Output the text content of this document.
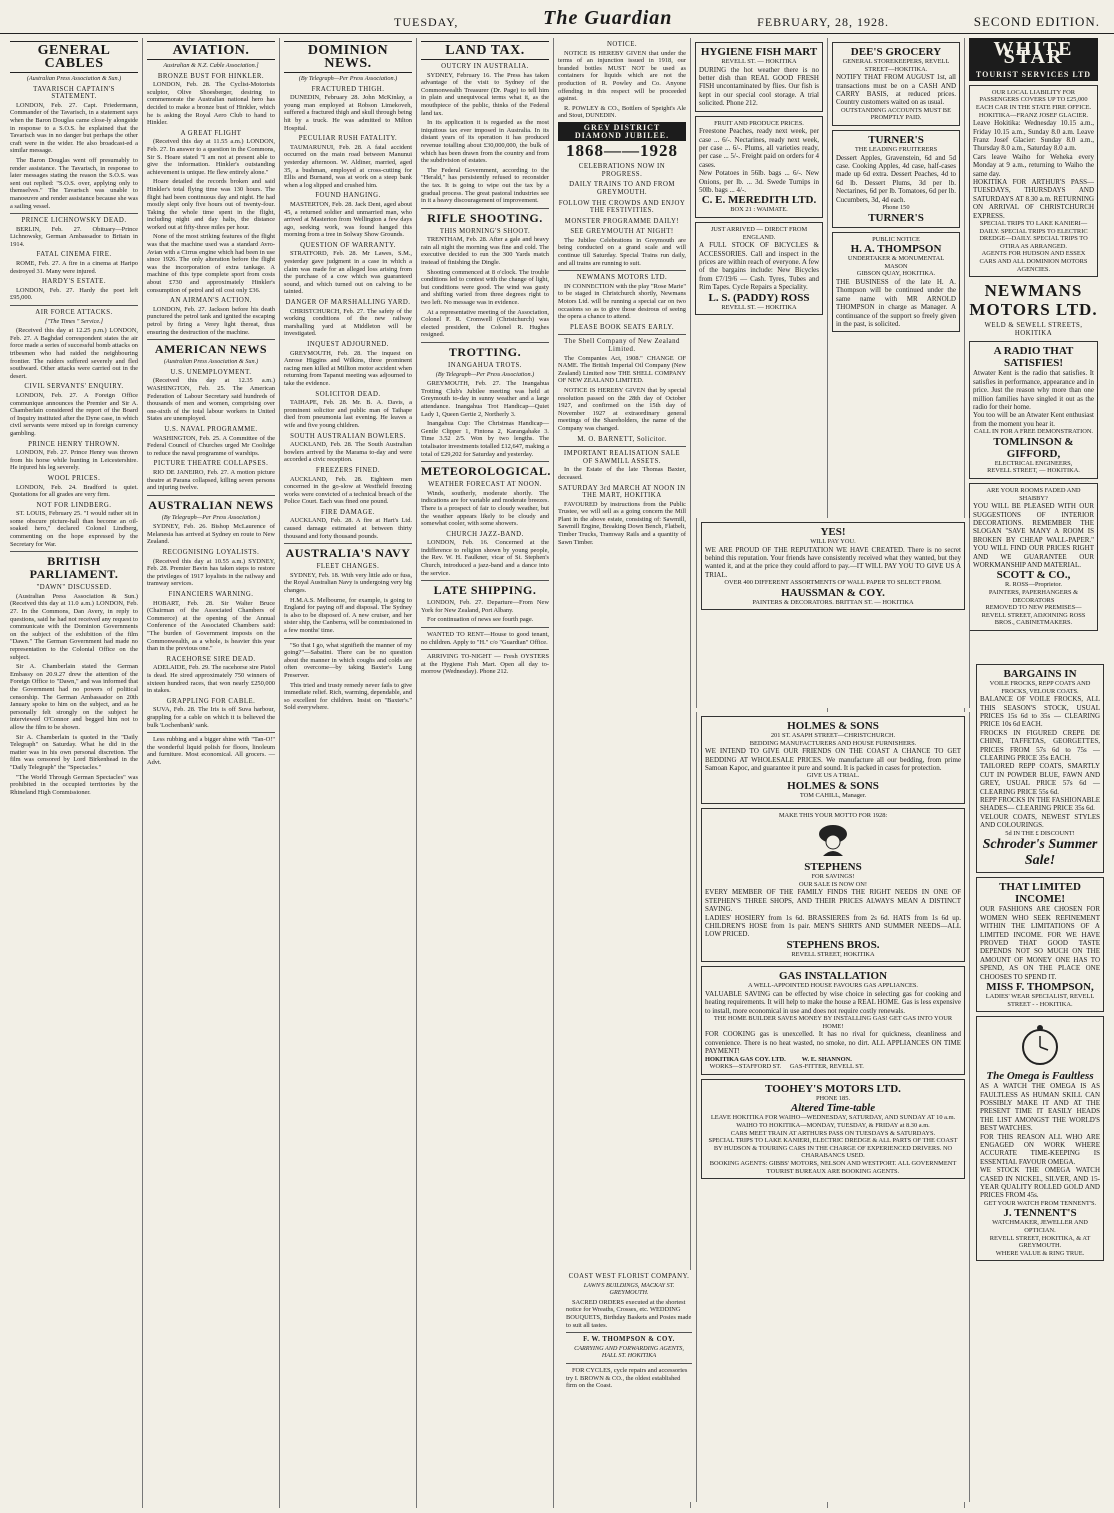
TUESDAY,	The Guardian	FEBRUARY, 28, 1928.	SECOND EDITION.
GENERAL CABLES
(Australian Press Association & Sun.)
TAVARISCH CAPTAIN'S STATEMENT.

LONDON, Feb. 27. Capt. Friedermann, Commander of the Tavarisch, in a statement says when the Baron Douglas came close-ly alongside in response to a S.O.S. he explained that the Tavarisch was in no danger but perhaps the other craft were in the wider. He also broadcast-ed a similar message.

The Baron Douglas went off presumably to render assistance. The Tavarisch, in response to later messages stating the reason the S.O.S. was sent out replied: "S.O.S. over, applying only to themselves." The Tavarisch was unable to manoeuvre and render assistance because she was a sailing vessel.

PRINCE LICHNOWSKY DEAD.

BERLIN, Feb. 27. Obituary—Prince Lichnowsky, German Ambassador to Britain in 1914.

FATAL CINEMA FIRE.

ROME, Feb. 27. A fire in a cinema at Haripo destroyed 31. Many were injured.

HARDY'S ESTATE.

LONDON, Feb. 27. Hardy the poet left £95,000.

AIR FORCE ATTACKS.
["The Times " Service.]

(Received this day at 12.25 p.m.) LONDON, Feb. 27. A Baghdad correspondent states the air force made a series of successful bomb attacks on tribesmen who had raided the neighbouring frontier. The raiders suffered severely and fled southward. Other attacks were carried out in the desert.

CIVIL SERVANTS' ENQUIRY.

LONDON, Feb. 27. A Foreign Office communique announces the Premier and Sir A. Chamberlain considered the report of the Board of Inquiry instituted after the Dyne case, in which civil servants were mixed up in foreign currency gambling.

PRINCE HENRY THROWN.

LONDON, Feb. 27. Prince Henry was thrown from his horse while hunting in Leicestershire. He injured his leg severely.

WOOL PRICES.

LONDON, Feb. 24. Bradford is quiet. Quotations for all grades are very firm.

NOT FOR LINDBERG.

ST. LOUIS, February 25. "I would rather sit in some obscure picture-hall than become an oil-soaked hero," declared Colonel Lindberg, commenting on the hope expressed by the Secretary for War.

BRITISH PARLIAMENT.
"DAWN" DISCUSSED.

(Australian Press Association & Sun.) (Received this day at 11.0 a.m.) LONDON, Feb. 27. In the Commons, Dan Avery, in reply to questions, said he had not received any request to communicate with the Dominion Governments on the subject of the exhibition of the film "Dawn." The German Government had made no representation to the Colonial Office on the subject.

Sir A. Chamberlain stated the German Embassy on 20.9.27 drew the attention of the Foreign Office to "Dawn," and was informed that the Government had no powers of political censorship. The German Ambassador on 20th January spoke to him on the subject, and as he personally felt strongly on the subject he interviewed O'Connor and begged him not to allow the film to be shown.

Sir A. Chamberlain is quoted in the "Daily Telegraph" on Saturday. What he did in the matter was in his own personal discretion. The film was censored by Lord Birkenhead in the "Daily Telegraph" the "Spectacles."

"The World Through German Spectacles" was prohibited in the occupied territories by the Rhineland High Commissioner.

AVIATION.
Australian & N.Z. Cable Association.]
BRONZE BUST FOR HINKLER.

LONDON, Feb. 28. The Cyclist-Motorists sculptor, Olive Shoesberger, desiring to commemorate the Australian national hero has decided to make a bronze bust of Hinkler, which he is asking the Royal Aero Club to hand to Hinkler.

A GREAT FLIGHT

(Received this day at 11.55 a.m.) LONDON, Feb. 27. In answer to a question in the Commons, Sir S. Hoare stated "I am not at present able to give the information. Hinkler's outstanding achievement is unique. He flew entirely alone."

Hoare detailed the records broken and said Hinkler's total flying time was 130 hours. The flight had been continuous day and night. He had mostly slept only five hours out of twenty-four. Taking the whole time spent in the flight, including night and day halts, the distance worked out at fifty-three miles per hour.

None of the most striking features of the flight was that the machine used was a standard Avro-Avian with a Cirrus engine which had been in use since 1926. The only alteration before the flight was the incorporation of extra tankage. A machine of this type complete sport from costs about £730 and approximately Hinkler's consumption of petrol and oil cost only £36.

AN AIRMAN'S ACTION.

LONDON, Feb. 27. Jackson before his death punctured the petrol tank and ignited the escaping petrol by firing a Verey light thereat, thus ensuring the destruction of the machine.

AMERICAN NEWS
(Australian Press Association & Sun.)
U.S. UNEMPLOYMENT.

(Received this day at 12.35 a.m.) WASHINGTON, Feb. 25. The American Federation of Labour Secretary said hundreds of thousands of men and women, comprising over one-sixth of the total labour workers in United States are unemployed.

U.S. NAVAL PROGRAMME.

WASHINGTON, Feb. 25. A Committee of the Federal Council of Churches urged Mr Coolidge to reduce the naval programme of warships.

PICTURE THEATRE COLLAPSES.

RIO DE JANEIRO, Feb. 27. A motion picture theatre at Parana collapsed, killing seven persons and injuring twelve.

AUSTRALIAN NEWS
(By Telegraph—Per Press Association.)

SYDNEY, Feb. 26. Bishop McLaurence of Melanesia has arrived at Sydney en route to New Zealand.

RECOGNISING LOYALISTS.

(Received this day at 10.55 a.m.) SYDNEY, Feb. 28. Premier Bavin has taken steps to restore the privileges of 1917 loyalists in the railway and tramway services.

FINANCIERS WARNING.

HOBART, Feb. 28. Sir Walter Bruce (Chairman of the Associated Chambers of Commerce) at the opening of the Annual Conference of the Associated Chambers said: "The burden of Government imposts on the Commonwealth, as a whole, is heavier this year than in the previous one."

RACEHORSE SIRE DEAD.

ADELAIDE, Feb. 29. The racehorse sire Pistol is dead. He sired approximately 750 winners of sixteen hundred races, that won nearly £250,000 in stakes.

GRAPPLING FOR CABLE.

SUVA, Feb. 28. The Iris is off Suva harbour, grappling for a cable on which it is believed the bulk 'Lochenbank' sank.

Less rubbing and a bigger shine with "Tan-O!" the wonderful liquid polish for floors, linoleum and furniture. Most economical. All grocers. —Advt.

DOMINION NEWS.
(By Telegraph—Per Press Association.)
FRACTURED THIGH.

DUNEDIN, February 28. John McKinlay, a young man employed at Robson Limekoveh, suffered a fractured thigh and skull through being hit by a truck. He was admitted to Milton Hospital.

PECULIAR RUSH FATALITY.

TAUMARUNUI, Feb. 28. A fatal accident occurred on the main road between Manunui yesterday afternoon. W. Aldiner, married, aged 35, a bushman, employed at cross-cutting for Ellis and Burnand, was at work on a steep bank when a log slipped and crushed him.

FOUND HANGING.

MASTERTON, Feb. 28. Jack Dent, aged about 45, a returned soldier and unmarried man, who arrived at Masterton from Wellington a few days ago, seeking work, was found hanged this morning from a tree in Solway Show Grounds.

QUESTION OF WARRANTY.

STRATFORD, Feb. 28. Mr Lawes, S.M., yesterday gave judgment in a case in which a claim was made for an alleged loss arising from the purchase of a cow which was guaranteed sound, and which turned out on calving to be tainted.

DANGER OF MARSHALLING YARD.

CHRISTCHURCH, Feb. 27. The safety of the working conditions of the new railway marshalling yard at Middleton will be investigated.

INQUEST ADJOURNED.

GREYMOUTH, Feb. 28. The inquest on Anrose Higgins and Wilkins, three prominent racing men killed at Millton motor accident when returning from Tapanui meeting was adjourned to take the evidence.

SOLICITOR DEAD.

TAIHAPE, Feb. 28. Mr. B. A. Davis, a prominent solicitor and public man of Taihape died from pneumonia last evening. He leaves a wife and five young children.

SOUTH AUSTRALIAN BOWLERS.

AUCKLAND, Feb. 28. The South Australian bowlers arrived by the Marama to-day and were accorded a civic reception.

FREEZERS FINED.

AUCKLAND, Feb. 28. Eighteen men concerned in the go-slow at Westfield freezing works were convicted of a technical breach of the Police Court. Each was fined one pound.

FIRE DAMAGE.

AUCKLAND, Feb. 28. A fire at Hart's Ltd. caused damage estimated at between thirty thousand and forty thousand pounds.

AUSTRALIA'S NAVY
FLEET CHANGES.

SYDNEY, Feb. 18. With very little ado or fuss, the Royal Australian Navy is undergoing very big changes.

H.M.A.S. Melbourne, for example, is going to England for paying off and disposal. The Sydney is also to be disposed of. A new cruiser, and her sister ship, the Canberra, will be commissioned in a few months' time.

"So that I go, what signifieth the manner of my going?"—Sabatini. There can be no question about the manner in which coughs and colds are often overcome—by taking Baxter's Lung Preserver.

This tried and trusty remedy never fails to give immediate relief. Rich, warming, dependable, and so excellent for children. Insist on "Baxter's." Sold everywhere.

LAND TAX.
OUTCRY IN AUSTRALIA.

SYDNEY, February 16. The Press has taken advantage of the visit to Sydney of the Commonwealth Treasurer (Dr. Page) to tell him in plain and unequivocal terms what it, as the mouthpiece of the public, thinks of the Federal land tax.

In its application it is regarded as the most iniquitous tax ever imposed in Australia. In its distant years of its operation it has produced revenue totalling about £30,000,000, the bulk of which has been drawn from the country and from the subdivision of estates.

The Federal Government, according to the "Herald," has persistently refused to reconsider the tax. It is going to wipe out the tax by a gradual process. The great pastoral industries see in it a heavy discouragement of improvement.

RIFLE SHOOTING.
THIS MORNING'S SHOOT.

TRENTHAM, Feb. 28. After a gale and heavy rain all night the morning was fine and cold. The executive decided to run the 300 Yards match instead of finishing the Dingle.

Shooting commenced at 8 o'clock. The trouble conditions led to contest with the change of light, but conditions were good. The wind was gusty and shifting varied from three degrees right to two left. No message was in evidence.

At a representative meeting of the Association, Colonel F. R. Cromwell (Christchurch) was elected president, the Colonel R. Hughes resigned.

TROTTING.
INANGAHUA TROTS.
(By Telegraph—Per Press Association.)

GREYMOUTH, Feb. 27. The Inangahua Trotting Club's Jubilee meeting was held at Greymouth to-day in sunny weather and a large attendance. Inangahua Trot Handicap—Quiet Lady 1, Queen Gertie 2, Northerly 3.

Inangahua Cup: The Christmas Handicap—Gentle Clipper 1, Fintona 2, Karangahake 3. Time 3.52 2/5. Won by two lengths. The totalisator investments totalled £12,647, making a total of £29,202 for Saturday and yesterday.

METEOROLOGICAL.
WEATHER FORECAST AT NOON.

Winds, southerly, moderate shortly. The indications are for variable and moderate breezes. There is a prospect of fair to cloudy weather, but the weather appears likely to be cloudy and somewhat cooler, with some showers.

CHURCH JAZZ-BAND.

LONDON, Feb. 16. Concerned at the indifference to religion shown by young people, the Rev. W. H. Faulkner, vicar of St. Stephen's Church, introduced a jazz-band and a dance into the service.

LATE SHIPPING.

LONDON, Feb. 27. Departure—From New York for New Zealand, Port Albany.

For continuation of news see fourth page.

WANTED TO RENT—House to good tenant, no children. Apply to "H." c/o "Guardian" Office.

ARRIVING TO-NIGHT — Fresh OYSTERS at the Hygiene Fish Mart. Open all day to-morrow (Wednesday). Phone 212.

NOTICE.

NOTICE IS HEREBY GIVEN that under the terms of an injunction issued in 1918, our branded bottles MUST NOT be used as containers for liquids which are not the production of R. Powley and Co. Anyone offending in this respect will be proceeded against.

R. POWLEY & CO., Bottlers of Speight's Ale and Stout, DUNEDIN.

GREY DISTRICT DIAMOND JUBILEE.
1868——1928
CELEBRATIONS NOW IN PROGRESS.
DAILY TRAINS TO AND FROM GREYMOUTH.
FOLLOW THE CROWDS AND ENJOY THE FESTIVITIES.
MONSTER PROGRAMME DAILY!
SEE GREYMOUTH AT NIGHT!

The Jubilee Celebrations in Greymouth are being conducted on a grand scale and will continue till Saturday. Special Trains run daily, and all trains are running to suit.

NEWMANS MOTORS LTD.

IN CONNECTION with the play "Rose Marie" to be staged in Christchurch shortly, Newmans Motors Ltd. will be running a special car on two occasions so as to give those desirous of seeing the opera a chance to attend.

PLEASE BOOK SEATS EARLY.
The Shell Company of New Zealand Limited.

The Companies Act, 1908." CHANGE OF NAME. The British Imperial Oil Company (New Zealand) Limited now THE SHELL COMPANY OF NEW ZEALAND LIMITED.

NOTICE IS HEREBY GIVEN that by special resolution passed on the 28th day of October 1927, and confirmed on the 15th day of November 1927 at extraordinary general meetings of the Shareholders, the name of the Company was changed.

M. O. BARNETT, Solicitor.
IMPORTANT REALISATION SALE OF SAWMILL ASSETS.

In the Estate of the late Thomas Baxter, deceased.

SATURDAY 3rd MARCH AT NOON IN THE MART, HOKITIKA

FAVOURED by instructions from the Public Trustee, we will sell as a going concern the Mill Plant in the above estate, consisting of: Sawmill, Sawmill Engine, Breaking Down Bench, Flatbelt, Timber Trucks, Tramway Rails and a quantity of Sawn Timber.

HYGIENE FISH MART
REVELL ST. — HOKITIKA
DURING the hot weather there is no better dish than REAL GOOD FRESH FISH uncontaminated by flies. Our fish is kept in our special cool storage. A trial solicited. Phone 212.
FRUIT AND PRODUCE PRICES.
Freestone Peaches, ready next week, per case ... 6/-. Nectarines, ready next week, per case ... 6/-. Plums, all varieties ready, per case ... 5/-. Freight paid on orders for 4 cases.
New Potatoes in 56lb. bags ... 6/-. New Onions, per lb. ... 3d. Swede Turnips in 50lb. bags ... 4/-.
C. E. MEREDITH LTD.
BOX 21 : WAIMATE.
JUST ARRIVED — DIRECT FROM ENGLAND.
A FULL STOCK OF BICYCLES & ACCESSORIES. Call and inspect in the prices are within reach of everyone. A few of the bargains include: New Bicycles from £7/19/6 — Cash. Tyres, Tubes and Rim Tapes. Cycle Repairs a Speciality.
L. S. (PADDY) ROSS
REVELL ST. — HOKITIKA
DEE'S GROCERY
GENERAL STOREKEEPERS, REVELL STREET—HOKITIKA.
NOTIFY THAT FROM AUGUST 1st, all transactions must be on a CASH AND CARRY BASIS, at reduced prices. Country customers waited on as usual.
OUTSTANDING ACCOUNTS MUST BE PROMPTLY PAID.
TURNER'S
THE LEADING FRUITERERS
Dessert Apples, Gravenstein, 6d and 5d case. Cooking Apples, 4d case, half-cases made up 6d extra. Dessert Peaches, 4d to 6d lb. Dessert Plums, 3d per lb. Nectarines, 6d per lb. Tomatoes, 6d per lb. Cucumbers, 3d, 4d each.
Phone 150
TURNER'S
PUBLIC NOTICE
H. A. THOMPSON
UNDERTAKER & MONUMENTAL MASON
GIBSON QUAY, HOKITIKA.
THE BUSINESS of the late H. A. Thompson will be continued under the same name with MR ARNOLD THOMPSON in charge as Manager. A continuance of the support so freely given in the past, is solicited.
WHITE STAR
TOURIST SERVICES LTD
OUR LOCAL LIABILITY FOR PASSENGERS COVERS UP TO £25,000 EACH CAR IN THE STATE FIRE OFFICE.
HOKITIKA—FRANZ JOSEF GLACIER.
Leave Hokitika: Wednesday 10.15 a.m., Friday 10.15 a.m., Sunday 8.0 a.m. Leave Franz Josef Glacier: Sunday 8.0 a.m., Thursday 8.0 a.m., Saturday 8.0 a.m.
Cars leave Waiho for Weheka every Monday at 9 a.m., returning to Waiho the same day.
HOKITIKA FOR ARTHUR'S PASS—TUESDAYS, THURSDAYS AND SATURDAYS AT 8.30 a.m. RETURNING ON ARRIVAL OF CHRISTCHURCH EXPRESS.
SPECIAL TRIPS TO LAKE KANIERI—DAILY. SPECIAL TRIPS TO ELECTRIC DREDGE—DAILY. SPECIAL TRIPS TO OTIRA AS ARRANGED.
AGENTS FOR HUDSON AND ESSEX CARS AND ALL DOMINION MOTORS AGENCIES.
NEWMANS MOTORS LTD.
WELD & SEWELL STREETS, HOKITIKA
A RADIO THAT SATISFIES!
Atwater Kent is the radio that satisfies. It satisfies in performance, appearance and in price. Just the reason why more than one million families have singled it out as the radio for their home.
You too will be an Atwater Kent enthusiast from the moment you hear it.
CALL IN FOR A FREE DEMONSTRATION.
TOMLINSON & GIFFORD,
ELECTRICAL ENGINEERS,
REVELL STREET, — HOKITIKA.
ARE YOUR ROOMS FADED AND SHABBY?
YOU WILL BE PLEASED WITH OUR SUGGESTIONS OF INTERIOR DECORATIONS. REMEMBER THE SLOGAN "SAVE MANY A ROOM IS BROKEN BY CHEAP WALL-PAPER." YOU WILL FIND OUR PRICES RIGHT AND WE GUARANTEE OUR WORKMANSHIP AND MATERIAL.
SCOTT & CO.,
R. ROSS—Proprietor.
PAINTERS, PAPERHANGERS & DECORATORS
REMOVED TO NEW PREMISES— REVELL STREET, ADJOINING ROSS BROS., CABINETMAKERS.
HOLMES & SONS
201 ST. ASAPH STREET—CHRISTCHURCH.
BEDDING MANUFACTURERS AND HOUSE FURNISHERS.
WE INTEND TO GIVE OUR FRIENDS ON THE COAST A CHANCE TO GET BEDDING AT WHOLESALE PRICES. We manufacture all our bedding, from prime Samoan Kapoc, and guarantee it pure and sound. It is packed in cases for protection.
GIVE US A TRIAL.
HOLMES & SONS
TOM CAHILL, Manager.
MAKE THIS YOUR MOTTO FOR 1928:
STEPHENS
FOR SAVINGS!
OUR SALE IS NOW ON!
EVERY MEMBER OF THE FAMILY FINDS THE RIGHT NEEDS IN ONE OF STEPHEN'S THREE SHOPS, AND THEIR PRICES ALWAYS MEAN A DISTINCT SAVING.
LADIES' HOSIERY from 1s 6d. BRASSIERES from 2s 6d. HATS from 1s 6d up. CHILDREN'S HOSE from 1s pair. MEN'S SHIRTS AND SUMMER NEEDS—ALL LOW PRICED.
STEPHENS BROS.
REVELL STREET, HOKITIKA
GAS INSTALLATION
A WELL-APPOINTED HOUSE FAVOURS GAS APPLIANCES.
VALUABLE SAVING can be effected by wise choice in selecting gas for cooking and heating requirements. It will help to make the house a REAL HOME. Gas is less expensive to install, more economical in use and does not require costly renewals.
THE HOME BUILDER SAVES MONEY BY INSTALLING GAS! GET GAS INTO YOUR HOME!
FOR COOKING gas is unexcelled. It has no rival for quickness, cleanliness and convenience. There is no heat wasted, no smoke, no dirt. ALL APPLIANCES ON TIME PAYMENT!
HOKITIKA GAS COY. LTD.
WORKS—STAFFORD ST.
W. E. SHANNON.
GAS-FITTER, REVELL ST.
TOOHEY'S MOTORS LTD.
PHONE 185.
Altered Time-table
LEAVE HOKITIKA FOR WAIHO—WEDNESDAY, SATURDAY, AND SUNDAY AT 10 a.m.
WAIHO TO HOKITIKA—MONDAY, TUESDAY, & FRIDAY at 8.30 a.m.
CARS MEET TRAIN AT ARTHURS PASS ON TUESDAYS & SATURDAYS.
SPECIAL TRIPS TO LAKE KANIERI, ELECTRIC DREDGE & ALL PARTS OF THE COAST BY HUDSON & TOURING CARS IN THE CHARGE OF EXPERIENCED DRIVERS. NO CHARABANCS USED.
BOOKING AGENTS: GIBBS' MOTORS, NELSON AND WESTPORT. ALL GOVERNMENT TOURIST BUREAUX ARE BOOKING AGENTS.
COAST WEST FLORIST COMPANY.
LAWN'S BUILDINGS, MACKAY ST. GREYMOUTH.

SACRED ORDERS executed at the shortest notice for Wreaths, Crosses, etc. WEDDING BOUQUETS, Birthday Baskets and Posies made to suit all tastes.

F. W. THOMPSON & COY.
CARRYING AND FORWARDING AGENTS, HALL ST. HOKITIKA

FOR CYCLES, cycle repairs and accessories try I. BROWN & CO., the oldest established firm on the Coast.

YES!
WILL PAY YOU.
WE ARE PROUD OF THE REPUTATION WE HAVE CREATED. There is no secret behind this reputation. Your friends have consistently received what they wanted, but they wanted it, and at the price they could afford to pay.—IT WILL PAY YOU TO GIVE US A TRIAL.
OVER 400 DIFFERENT ASSORTMENTS OF WALL PAPER TO SELECT FROM.
HAUSSMAN & COY.
PAINTERS & DECORATORS. BRITTAN ST. — HOKITIKA
BARGAINS IN
VOILE FROCKS, REPP COATS AND FROCKS, VELOUR COATS.
BALANCE OF VOILE FROCKS, ALL THIS SEASON'S STOCK, USUAL PRICES 15s 6d to 35s — CLEARING PRICE 10s 6d EACH.
FROCKS IN FIGURED CREPE DE CHINE, TAFFETAS, GEORGETTES, PRICES FROM 57s 6d to 75s — CLEARING PRICE 35s EACH.
TAILORED REPP COATS, SMARTLY CUT IN POWDER BLUE, FAWN AND GREY, USUAL PRICE 57s 6d — CLEARING PRICE 55s 6d.
REPP FROCKS IN THE FASHIONABLE SHADES— CLEARING PRICE 35s 6d.
VELOUR COATS, NEWEST STYLES AND COLOURINGS.
5d IN THE £ DISCOUNT!
Schroder's Summer Sale!
THAT LIMITED INCOME!
OUR FASHIONS ARE CHOSEN FOR WOMEN WHO SEEK REFINEMENT WITHIN THE LIMITATIONS OF A LIMITED INCOME. FOR WE HAVE PROVED THAT GOOD TASTE DEPENDS NOT SO MUCH ON THE AMOUNT OF MONEY ONE HAS TO SPEND, AS ON THE PLACE ONE CHOOSES TO SPEND IT.
MISS F. THOMPSON,
LADIES' WEAR SPECIALIST, REVELL STREET - - HOKITIKA.
The Omega is Faultless
AS A WATCH THE OMEGA IS AS FAULTLESS AS HUMAN SKILL CAN POSSIBLY MAKE IT AND AT THE PRESENT TIME IT EASILY HEADS THE LIST AMONGST THE WORLD'S BEST WATCHES.
FOR THIS REASON ALL WHO ARE ENGAGED ON WORK WHERE ACCURATE TIME-KEEPING IS ESSENTIAL FAVOUR OMEGA.
WE STOCK THE OMEGA WATCH CASED IN NICKEL, SILVER, AND 15-YEAR QUALITY ROLLED GOLD AND PRICES FROM 45s.
GET YOUR WATCH FROM TENNENT'S.
J. TENNENT'S
WATCHMAKER, JEWELLER AND OPTICIAN.
REVELL STREET, HOKITIKA, & AT GREYMOUTH.
WHERE VALUE & RING TRUE.
